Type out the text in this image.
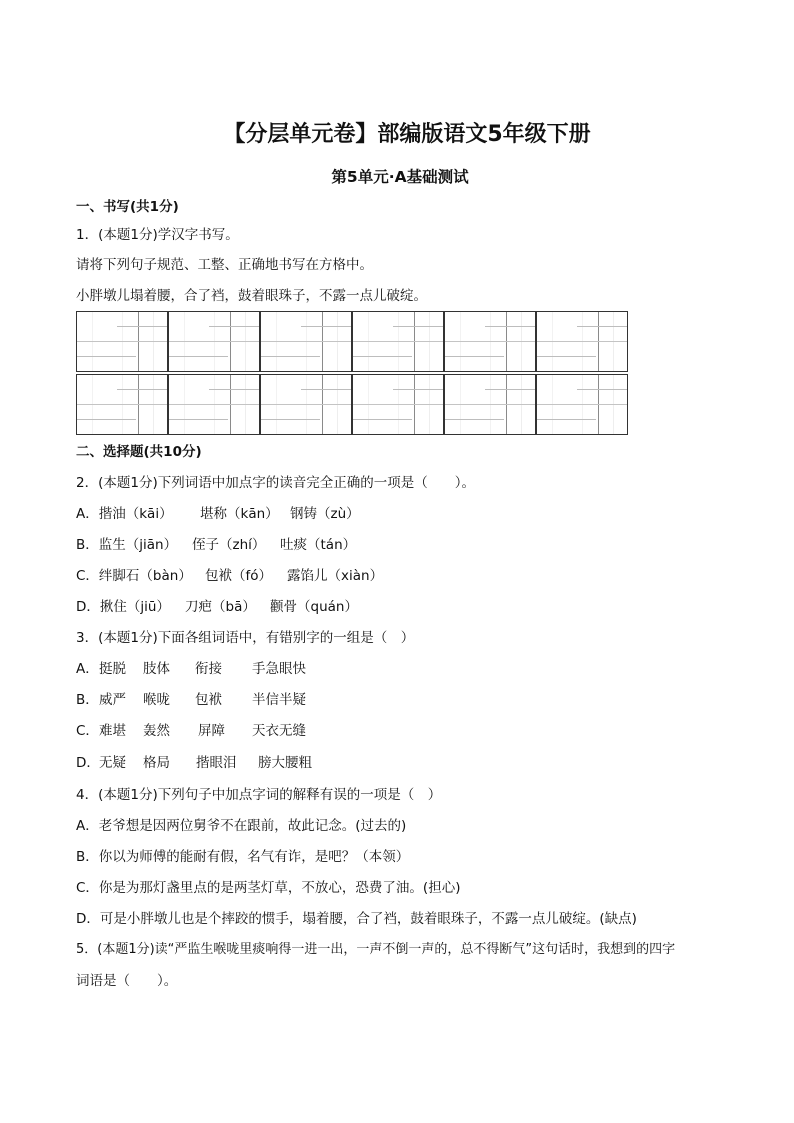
【分层单元卷】部编版语文5年级下册
第5单元·A基础测试
一、书写(共1分)
1．(本题1分)学汉字书写。
请将下列句子规范、工整、正确地书写在方格中。
小胖墩儿塌着腰，合了裆，鼓着眼珠子，不露一点儿破绽。
二、选择题(共10分)
2．(本题1分)下列词语中加点字的读音完全正确的一项是（　　）。
A．揩油（kāi） 堪称（kān） 钢铸（zù）
B．监生（jiān） 侄子（zhí） 吐痰（tán）
C．绊脚石（bàn） 包袱（fó） 露馅儿（xiàn）
D．揪住（jiū） 刀疤（bā） 颧骨（quán）
3．(本题1分)下面各组词语中，有错别字的一组是（　）
A． 挺脱 肢体 衔接 手急眼快
B． 威严 喉咙 包袱 半信半疑
C． 难堪 轰然 屏障 天衣无缝
D． 无疑 格局 揩眼泪 膀大腰粗
4．(本题1分)下列句子中加点字词的解释有误的一项是（　）
A．老爷想是因两位舅爷不在跟前，故此记念。(过去的)
B．你以为师傅的能耐有假，名气有诈，是吧？（本领）
C．你是为那灯盏里点的是两茎灯草，不放心，恐费了油。(担心)
D．可是小胖墩儿也是个摔跤的惯手，塌着腰，合了裆，鼓着眼珠子，不露一点儿破绽。(缺点)
5．(本题1分)读“严监生喉咙里痰响得一进一出，一声不倒一声的，总不得断气”这句话时，我想到的四字
词语是（　　）。
